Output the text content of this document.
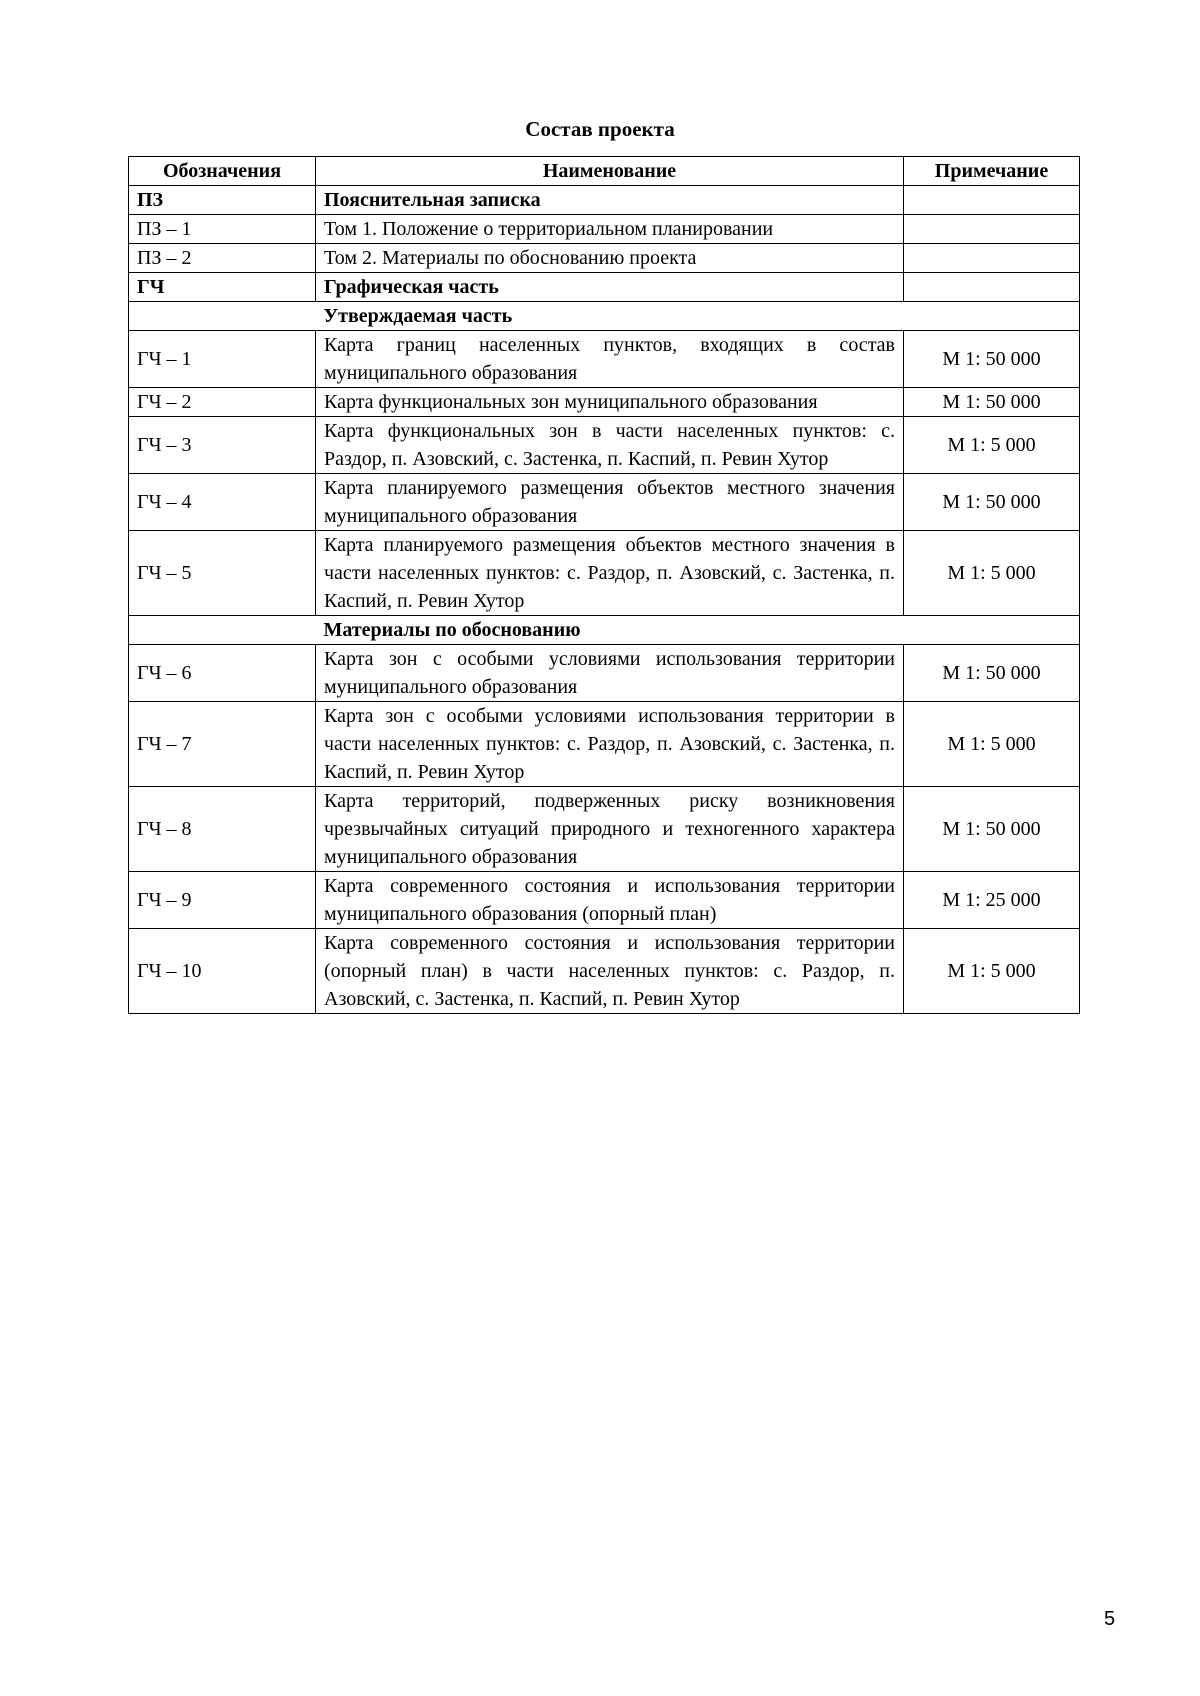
Состав проекта
Обозначения	Наименование	Примечание
ПЗ	Пояснительная записка	
ПЗ – 1	Том 1. Положение о территориальном планировании	
ПЗ – 2	Том 2. Материалы по обоснованию проекта	
ГЧ	Графическая часть	
	Утверждаемая часть	
ГЧ – 1	Карта границ населенных пунктов, входящих в состав муниципального образования	М 1: 50 000
ГЧ – 2	Карта функциональных зон муниципального образования	М 1: 50 000
ГЧ – 3	Карта функциональных зон в части населенных пунктов: с. Раздор, п. Азовский, с. Застенка, п. Каспий, п. Ревин Хутор	М 1: 5 000
ГЧ – 4	Карта планируемого размещения объектов местного значения муниципального образования	М 1: 50 000
ГЧ – 5	Карта планируемого размещения объектов местного значения в части населенных пунктов: с. Раздор, п. Азовский, с. Застенка, п. Каспий, п. Ревин Хутор	М 1: 5 000
	Материалы по обоснованию	
ГЧ – 6	Карта зон с особыми условиями использования территории муниципального образования	М 1: 50 000
ГЧ – 7	Карта зон с особыми условиями использования территории в части населенных пунктов: с. Раздор, п. Азовский, с. Застенка, п. Каспий, п. Ревин Хутор	М 1: 5 000
ГЧ – 8	Карта территорий, подверженных риску возникновения чрезвычайных ситуаций природного и техногенного характера муниципального образования	М 1: 50 000
ГЧ – 9	Карта современного состояния и использования территории муниципального образования (опорный план)	М 1: 25 000
ГЧ – 10	Карта современного состояния и использования территории (опорный план) в части населенных пунктов: с. Раздор, п. Азовский, с. Застенка, п. Каспий, п. Ревин Хутор	М 1: 5 000
5
